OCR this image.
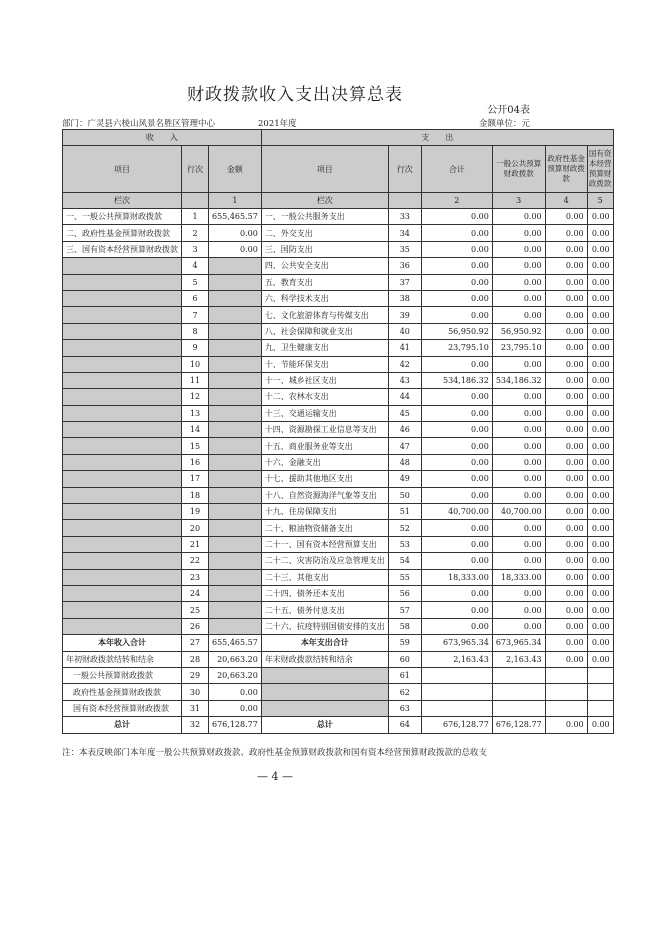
财政拨款收入支出决算总表
公开04表
部门：广灵县六棱山风景名胜区管理中心	2021年度	金额单位：元
收　　入			支　　出					
项目	行次	金额	项目	行次	合计	一般公共预算财政拨款	政府性基金预算财政拨款	国有资本经营预算财政拨款
栏次		1	栏次		2	3	4	5
一、一般公共预算财政拨款	1	655,465.57	一、一般公共服务支出	33	0.00	0.00	0.00	0.00
二、政府性基金预算财政拨款	2	0.00	二、外交支出	34	0.00	0.00	0.00	0.00
三、国有资本经营预算财政拨款	3	0.00	三、国防支出	35	0.00	0.00	0.00	0.00
	4		四、公共安全支出	36	0.00	0.00	0.00	0.00
	5		五、教育支出	37	0.00	0.00	0.00	0.00
	6		六、科学技术支出	38	0.00	0.00	0.00	0.00
	7		七、文化旅游体育与传媒支出	39	0.00	0.00	0.00	0.00
	8		八、社会保障和就业支出	40	56,950.92	56,950.92	0.00	0.00
	9		九、卫生健康支出	41	23,795.10	23,795.10	0.00	0.00
	10		十、节能环保支出	42	0.00	0.00	0.00	0.00
	11		十一、城乡社区支出	43	534,186.32	534,186.32	0.00	0.00
	12		十二、农林水支出	44	0.00	0.00	0.00	0.00
	13		十三、交通运输支出	45	0.00	0.00	0.00	0.00
	14		十四、资源勘探工业信息等支出	46	0.00	0.00	0.00	0.00
	15		十五、商业服务业等支出	47	0.00	0.00	0.00	0.00
	16		十六、金融支出	48	0.00	0.00	0.00	0.00
	17		十七、援助其他地区支出	49	0.00	0.00	0.00	0.00
	18		十八、自然资源海洋气象等支出	50	0.00	0.00	0.00	0.00
	19		十九、住房保障支出	51	40,700.00	40,700.00	0.00	0.00
	20		二十、粮油物资储备支出	52	0.00	0.00	0.00	0.00
	21		二十一、国有资本经营预算支出	53	0.00	0.00	0.00	0.00
	22		二十二、灾害防治及应急管理支出	54	0.00	0.00	0.00	0.00
	23		二十三、其他支出	55	18,333.00	18,333.00	0.00	0.00
	24		二十四、债务还本支出	56	0.00	0.00	0.00	0.00
	25		二十五、债务付息支出	57	0.00	0.00	0.00	0.00
	26		二十六、抗疫特别国债安排的支出	58	0.00	0.00	0.00	0.00
本年收入合计	27	655,465.57	本年支出合计	59	673,965.34	673,965.34	0.00	0.00
年初财政拨款结转和结余	28	20,663.20	年末财政拨款结转和结余	60	2,163.43	2,163.43	0.00	0.00
一般公共预算财政拨款	29	20,663.20		61				
政府性基金预算财政拨款	30	0.00		62				
国有资本经营预算财政拨款	31	0.00		63				
总计	32	676,128.77	总计	64	676,128.77	676,128.77	0.00	0.00
注：本表反映部门本年度一般公共预算财政拨款、政府性基金预算财政拨款和国有资本经营预算财政拨款的总收支
— 4 —
